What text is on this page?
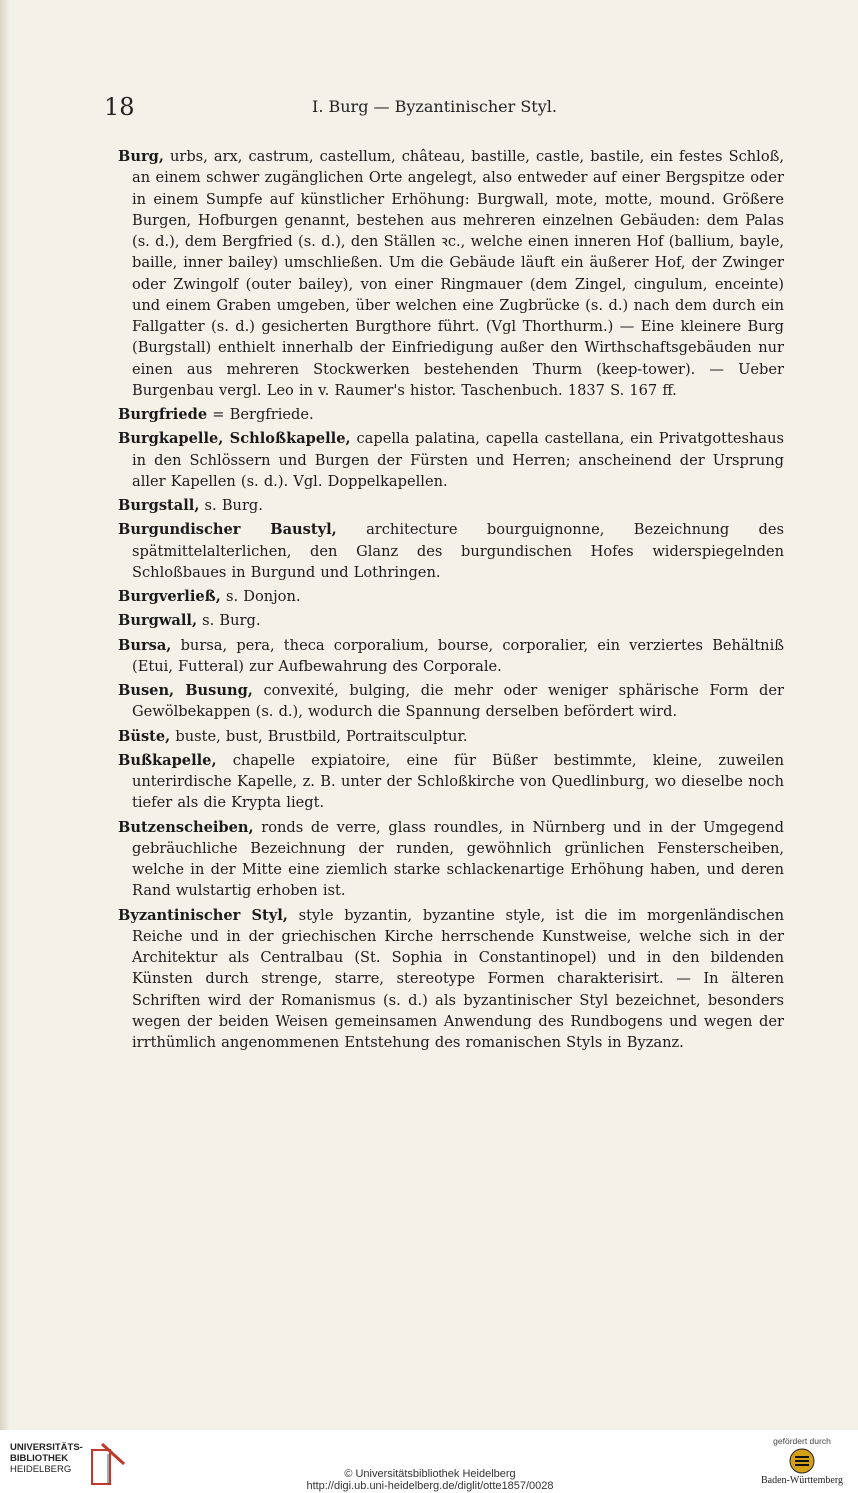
18	I. Burg — Byzantinischer Styl.

Burg, urbs, arx, castrum, castellum, château, bastille, castle, bastile, ein festes Schloß, an einem schwer zugänglichen Orte angelegt, also entweder auf einer Bergspitze oder in einem Sumpfe auf künstlicher Erhöhung: Burgwall, mote, motte, mound. Größere Burgen, Hofburgen genannt, bestehen aus mehreren einzelnen Gebäuden: dem Palas (s. d.), dem Bergfried (s. d.), den Ställen ꝛc., welche einen inneren Hof (ballium, bayle, baille, inner bailey) umschließen. Um die Gebäude läuft ein äußerer Hof, der Zwinger oder Zwingolf (outer bailey), von einer Ringmauer (dem Zingel, cingulum, enceinte) und einem Graben umgeben, über welchen eine Zugbrücke (s. d.) nach dem durch ein Fallgatter (s. d.) gesicherten Burgthore führt. (Vgl Thorthurm.) — Eine kleinere Burg (Burgstall) enthielt innerhalb der Einfriedigung außer den Wirthschaftsgebäuden nur einen aus mehreren Stockwerken bestehenden Thurm (keep-tower). — Ueber Burgenbau vergl. Leo in v. Raumer's histor. Taschenbuch. 1837 S. 167 ff.

Burgfriede = Bergfriede.

Burgkapelle, Schloßkapelle, capella palatina, capella castellana, ein Privatgotteshaus in den Schlössern und Burgen der Fürsten und Herren; anscheinend der Ursprung aller Kapellen (s. d.). Vgl. Doppelkapellen.

Burgstall, s. Burg.

Burgundischer Baustyl, architecture bourguignonne, Bezeichnung des spätmittelalterlichen, den Glanz des burgundischen Hofes widerspiegelnden Schloßbaues in Burgund und Lothringen.

Burgverließ, s. Donjon.

Burgwall, s. Burg.

Bursa, bursa, pera, theca corporalium, bourse, corporalier, ein verziertes Behältniß (Etui, Futteral) zur Aufbewahrung des Corporale.

Busen, Busung, convexité, bulging, die mehr oder weniger sphärische Form der Gewölbekappen (s. d.), wodurch die Spannung derselben befördert wird.

Büste, buste, bust, Brustbild, Portraitsculptur.

Bußkapelle, chapelle expiatoire, eine für Büßer bestimmte, kleine, zuweilen unterirdische Kapelle, z. B. unter der Schloßkirche von Quedlinburg, wo dieselbe noch tiefer als die Krypta liegt.

Butzenscheiben, ronds de verre, glass roundles, in Nürnberg und in der Umgegend gebräuchliche Bezeichnung der runden, gewöhnlich grünlichen Fensterscheiben, welche in der Mitte eine ziemlich starke schlackenartige Erhöhung haben, und deren Rand wulstartig erhoben ist.

Byzantinischer Styl, style byzantin, byzantine style, ist die im morgenländischen Reiche und in der griechischen Kirche herrschende Kunstweise, welche sich in der Architektur als Centralbau (St. Sophia in Constantinopel) und in den bildenden Künsten durch strenge, starre, stereotype Formen charakterisirt. — In älteren Schriften wird der Romanismus (s. d.) als byzantinischer Styl bezeichnet, besonders wegen der beiden Weisen gemeinsamen Anwendung des Rundbogens und wegen der irrthümlich angenommenen Entstehung des romanischen Styls in Byzanz.

UNIVERSITÄTS-
BIBLIOTHEK
HEIDELBERG	© Universitätsbibliothek Heidelberg
http://digi.ub.uni-heidelberg.de/diglit/otte1857/0028
gefördert durch
Baden-Württemberg
